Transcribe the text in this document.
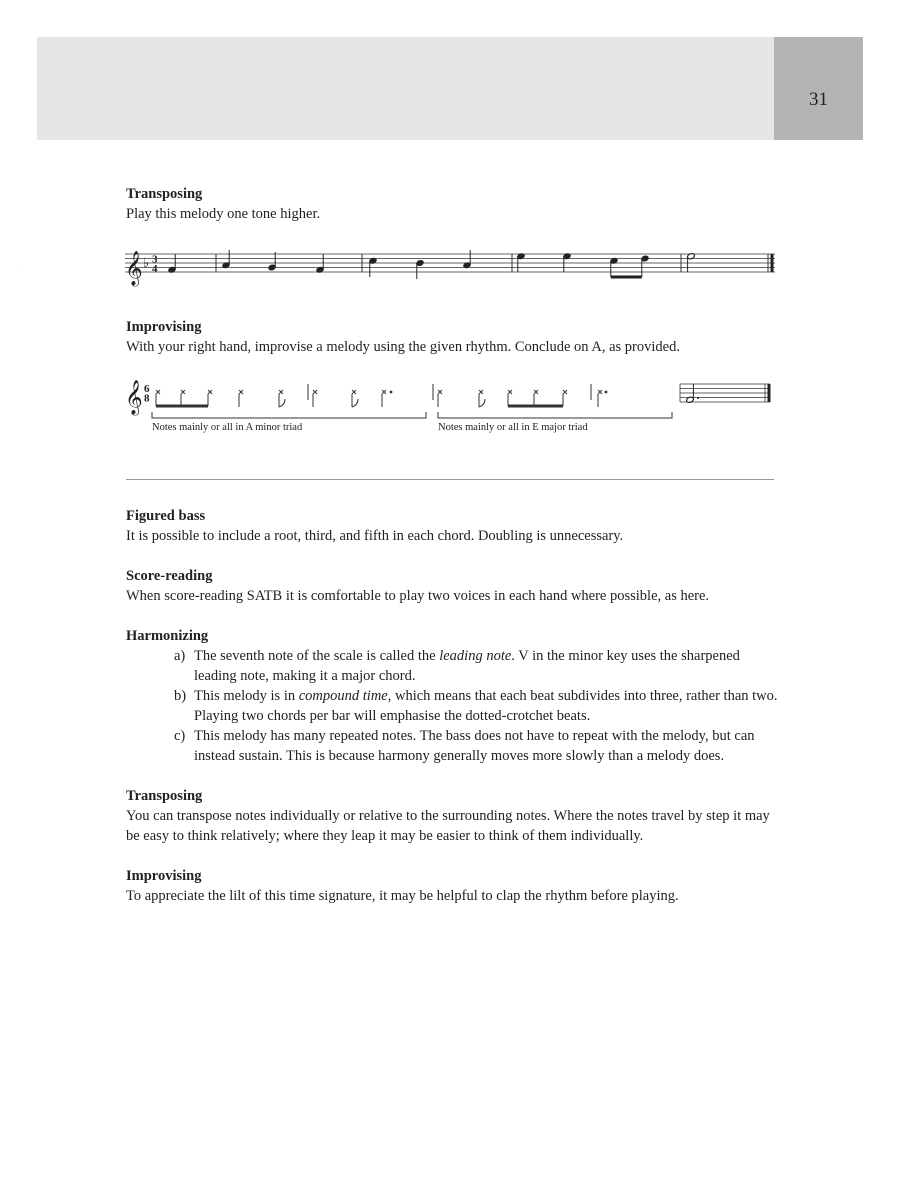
31
Transposing
Play this melody one tone higher.
𝄞 ♭ 3
4
Improvising
With your right hand, improvise a melody using the given rhythm. Conclude on A, as provided.
6
𝄞 6
8
Notes mainly or all in A minor triad	Notes mainly or all in E major triad
Figured bass
It is possible to include a root, third, and fifth in each chord. Doubling is unnecessary.
Score-reading
When score-reading SATB it is comfortable to play two voices in each hand where possible, as here.
Harmonizing
a) The seventh note of the scale is called the leading note. V in the minor key uses the sharpened leading note, making it a major chord.
b) This melody is in compound time, which means that each beat subdivides into three, rather than two. Playing two chords per bar will emphasise the dotted-crotchet beats.
c) This melody has many repeated notes. The bass does not have to repeat with the melody, but can instead sustain. This is because harmony generally moves more slowly than a melody does.
Transposing
You can transpose notes individually or relative to the surrounding notes. Where the notes travel by step it may be easy to think relatively; where they leap it may be easier to think of them individually.
Improvising
To appreciate the lilt of this time signature, it may be helpful to clap the rhythm before playing.
